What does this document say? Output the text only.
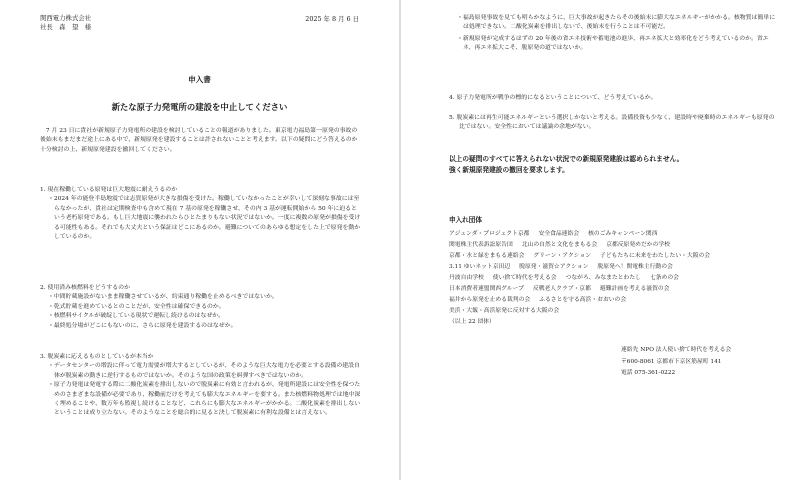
関西電力株式会社
社長　森　望　様
2025 年 8 月 6 日
申入書
新たな原子力発電所の建設を中止してください
7 月 23 日に貴社が新規原子力発電所の建設を検討していることの報道がありました。東京電力福島第一原発の事故の後始末もまだまだ途上にある中で、新規原発を建設することは許されないことと考えます。以下の疑問にどう答えるのか十分検討の上、新規原発建設を撤回してください。
1. 現在稼働している原発は巨大地震に耐えうるのか
・2024 年の能登半島地震では志賀原発が大きな損傷を受けた。稼働していなかったことが幸いして深刻な事故には至らなかったが、貴社は定期検査中も含めて現在 7 基の原発を稼働させ、その内 3 基が運転開始から 50 年に迫るという老朽原発である。もし巨大地震に襲われたらひとたまりもない状況ではないか。一度に複数の原発が損傷を受ける可能性もある。それでも大丈夫という保証はどこにあるのか。避難についてのあらゆる想定をした上で原発を動かしているのか。
2. 使用済み核燃料をどうするのか
・中間貯蔵施設がないまま稼働させているが、約束通り稼働を止めるべきではないか。
・乾式貯蔵を進めているとのことだが、安全性は確保できるのか。
・核燃料サイクルが破綻している現状で運転し続けるのはなぜか。
・最終処分場がどこにもないのに、さらに原発を建設するのはなぜか。
3. 脱炭素に応えるものとしているが本当か
・データセンターの増設に伴って電力需要が増大するとしているが、そのような巨大な電力を必要とする設備の建設自体が脱炭素の動きに逆行するものではないか。そのような国の政策を糾弾すべきではないのか。
・原子力発電は発電する際に二酸化炭素を排出しないので脱炭素に有効と言われるが、発電所建設には安全性を保つためのさまざまな設備が必要であり、稼働前だけを考えても膨大なエネルギーを要する。また核燃料物処理では地中深く埋めることや、数万年も監視し続けることなど、これらにも膨大なエネルギーがかかる。二酸化炭素を排出しないということは成り立たない。そのようなことを総合的に見ると決して脱炭素に有利な設備とは言えない。
・福島原発事故を見ても明らかなように、巨大事故が起きたらその後始末に膨大なエネルギーがかかる。核物質は簡単には処理できない。二酸化炭素を排出しないで、後始末を行うことは不可能だ。
・新規原発が完成するはずの 20 年後の省エネ技術や蓄電池の進歩、再エネ拡大と効率化をどう考えているのか。省エネ、再エネ拡大こそ、脱原発の道ではないか。
4. 原子力発電所が戦争の標的になるということについて、どう考えているか。
5. 脱炭素には再生可能エネルギーという選択しかないと考える。設備投資も少なく、建設時や廃棄時のエネルギーも原発の比ではない。安全性においては議論の余地がない。
以上の疑問のすべてに答えられない状況での新規原発建設は認められません。
強く新規原発建設の撤回を要求します。
申入れ団体
アジェンダ・プロジェクト京都 安全食品連絡会 核のごみキャンペーン関西
関電株主代表訴訟原告団 北山の自然と文化をまもる会 京都反原発めだかの学校
京都・水と緑をまもる連絡会 グリーン・アクション 子どもたちに未来をわたしたい・大阪の会
3.11 ゆいネット京田辺 脱原発・滋賀☆アクション 脱原発へ！関電株主行動の会
丹波自由学校 使い捨て時代を考える会 つながろ、みなまたとわたし 七条めの会
日本消費者連盟関西グループ 反戦老人クラブ・京都 避難計画を考える滋賀の会
福井から原発を止める裁判の会 ふるさとを守る高浜・おおいの会
美浜・大飯・高浜原発に反対する大阪の会
（以上 22 団体）
連絡先 NPO 法人使い捨て時代を考える会
〒600-8061 京都市下京区筋屋町 141
電話 075-361-0222
